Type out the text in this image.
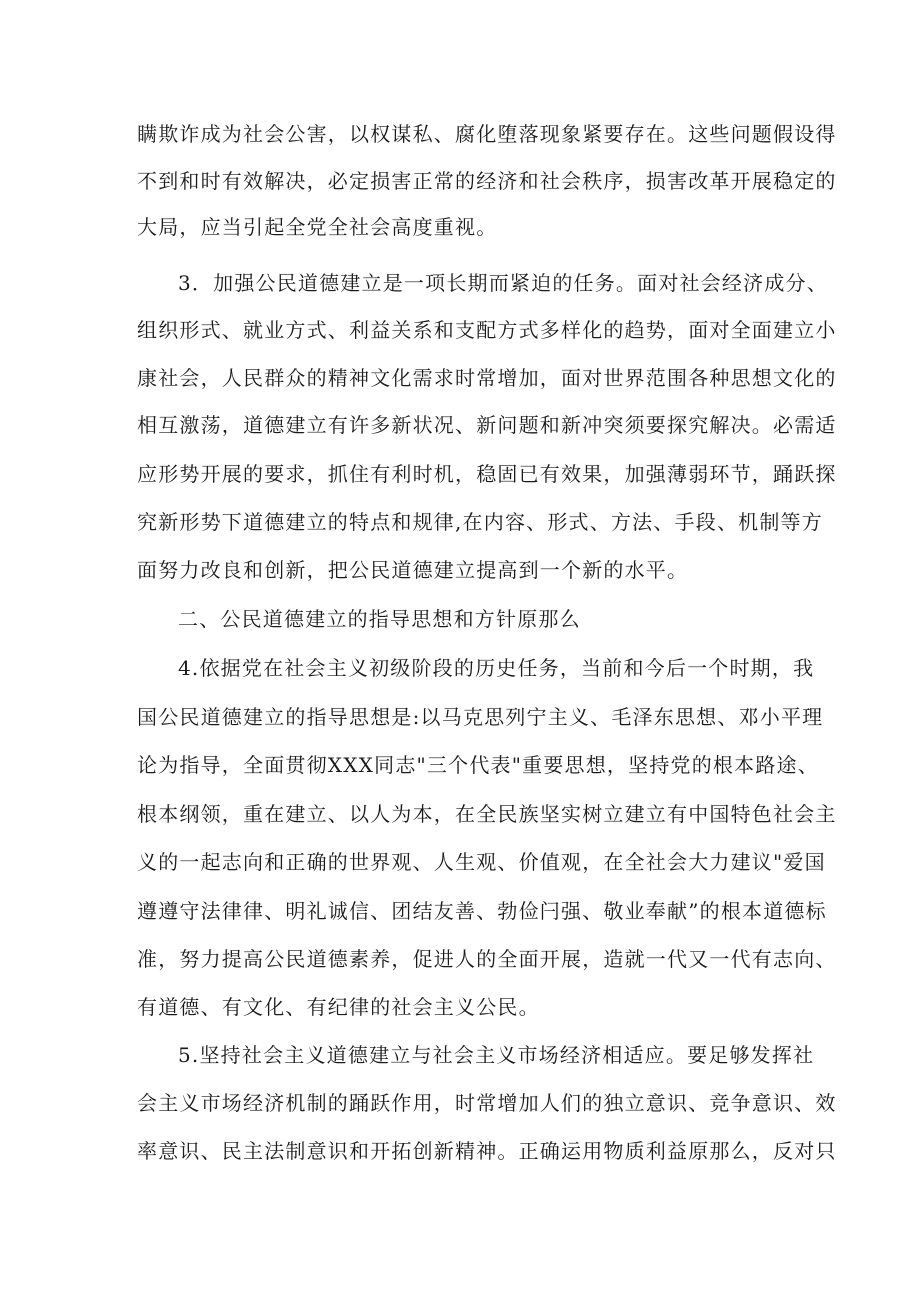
瞒欺诈成为社会公害，以权谋私、腐化堕落现象紧要存在。这些问题假设得
不到和时有效解决，必定损害正常的经济和社会秩序，损害改革开展稳定的
大局，应当引起全党全社会高度重视。
3．加强公民道德建立是一项长期而紧迫的任务。面对社会经济成分、
组织形式、就业方式、利益关系和支配方式多样化的趋势，面对全面建立小
康社会，人民群众的精神文化需求时常增加，面对世界范围各种思想文化的
相互激荡，道德建立有许多新状况、新问题和新冲突须要探究解决。必需适
应形势开展的要求，抓住有利时机，稳固已有效果，加强薄弱环节，踊跃探
究新形势下道德建立的特点和规律,在内容、形式、方法、手段、机制等方
面努力改良和创新，把公民道德建立提高到一个新的水平。
二、公民道德建立的指导思想和方针原那么
4.依据党在社会主义初级阶段的历史任务，当前和今后一个时期，我
国公民道德建立的指导思想是:以马克思列宁主义、毛泽东思想、邓小平理
论为指导，全面贯彻XXX同志"三个代表"重要思想，坚持党的根本路途、
根本纲领，重在建立、以人为本，在全民族坚实树立建立有中国特色社会主
义的一起志向和正确的世界观、人生观、价值观，在全社会大力建议"爱国
遵遵守法律律、明礼诚信、团结友善、勃俭闩强、敬业奉献”的根本道德标
准，努力提高公民道德素养，促进人的全面开展，造就一代又一代有志向、
有道德、有文化、有纪律的社会主义公民。
5.坚持社会主义道德建立与社会主义市场经济相适应。要足够发挥社
会主义市场经济机制的踊跃作用，时常增加人们的独立意识、竞争意识、效
率意识、民主法制意识和开拓创新精神。正确运用物质利益原那么，反对只
